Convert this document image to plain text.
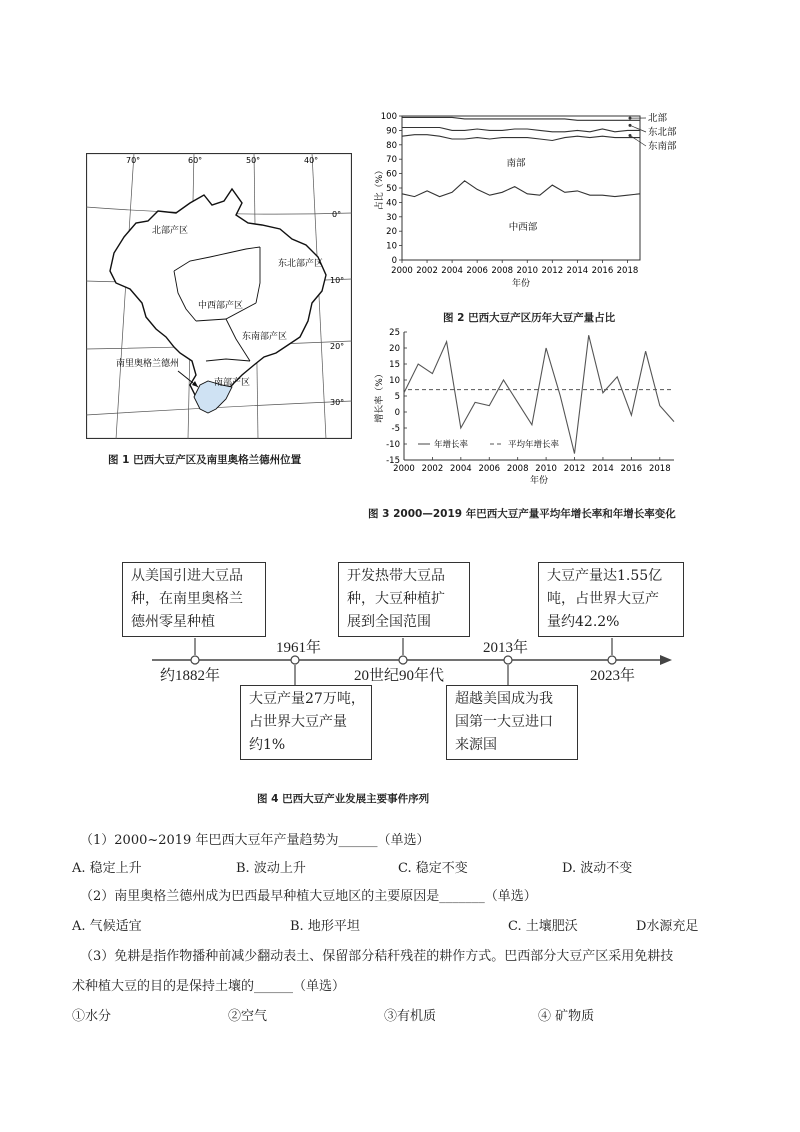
70°	60°	50°	40°
0°
10°
20°
30°
北部产区
东北部产区
中西部产区
东南部产区
南部产区
南里奥格兰德州
图 1 巴西大豆产区及南里奥格兰德州位置
0
10
20
30
40
50
60
70
80
90
100
2000 2002 2004 2006 2008 2010 2012 2014 2016 2018
占比（%）
年份
南部
中西部
北部
东北部
东南部
图 2 巴西大豆产区历年大豆产量占比
-15
-10
-5
0
5
10
15
20
25
2000 2002 2004 2006 2008 2010 2012 2014 2016 2018
增长率（%）
年份
年增长率	平均年增长率
图 3 2000—2019 年巴西大豆产量平均年增长率和年增长率变化
从美国引进大豆品
种，在南里奥格兰
德州零星种植
开发热带大豆品
种，大豆种植扩
展到全国范围
大豆产量达1.55亿
吨，占世界大豆产
量约42.2%
大豆产量27万吨，
占世界大豆产量
约1%
超越美国成为我
国第一大豆进口
来源国
约1882年
1961年
20世纪90年代
2013年
2023年
图 4 巴西大豆产业发展主要事件序列
（1）2000~2019 年巴西大豆年产量趋势为______（单选）
A. 稳定上升	B. 波动上升	C. 稳定不变	D. 波动不变
（2）南里奥格兰德州成为巴西最早种植大豆地区的主要原因是_______（单选）
A. 气候适宜	B. 地形平坦	C. 土壤肥沃	D水源充足
（3）免耕是指作物播种前减少翻动表土、保留部分秸秆残茬的耕作方式。巴西部分大豆产区采用免耕技
术种植大豆的目的是保持土壤的______（单选）
①水分	②空气	③有机质	④ 矿物质
